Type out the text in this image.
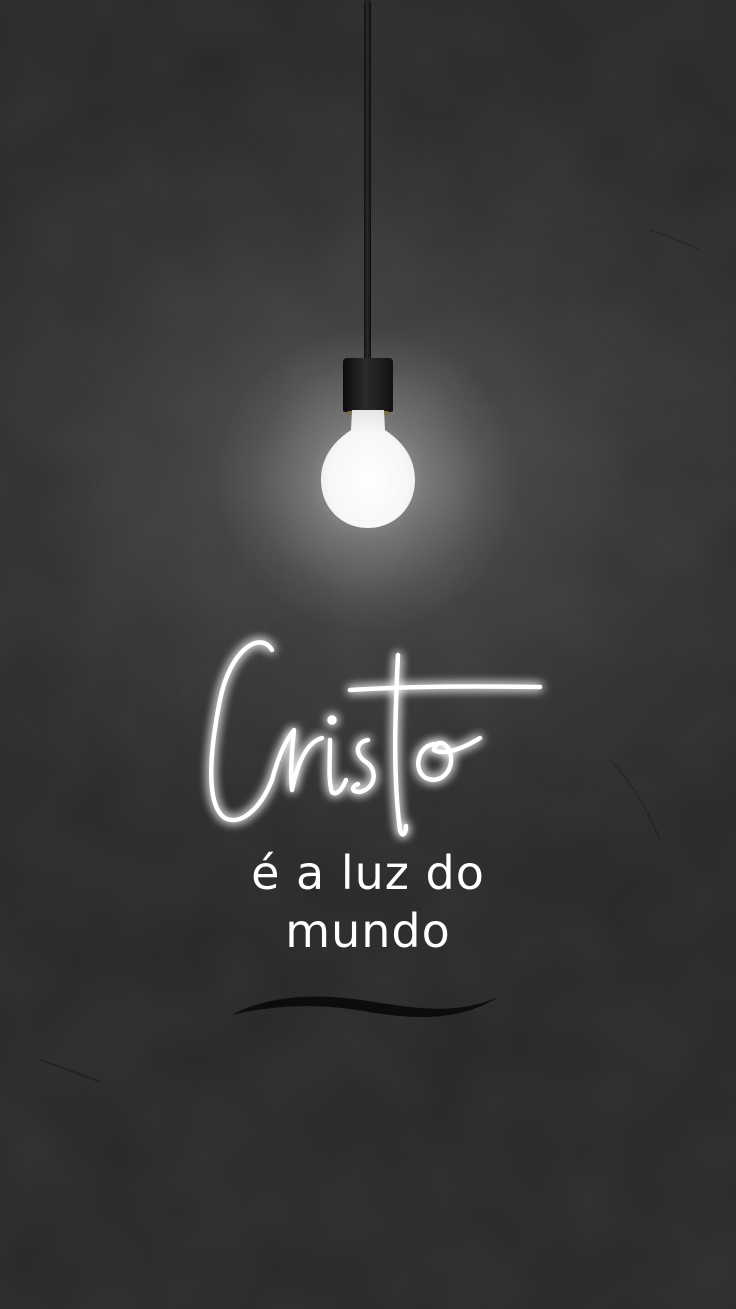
é a luz do
mundo
